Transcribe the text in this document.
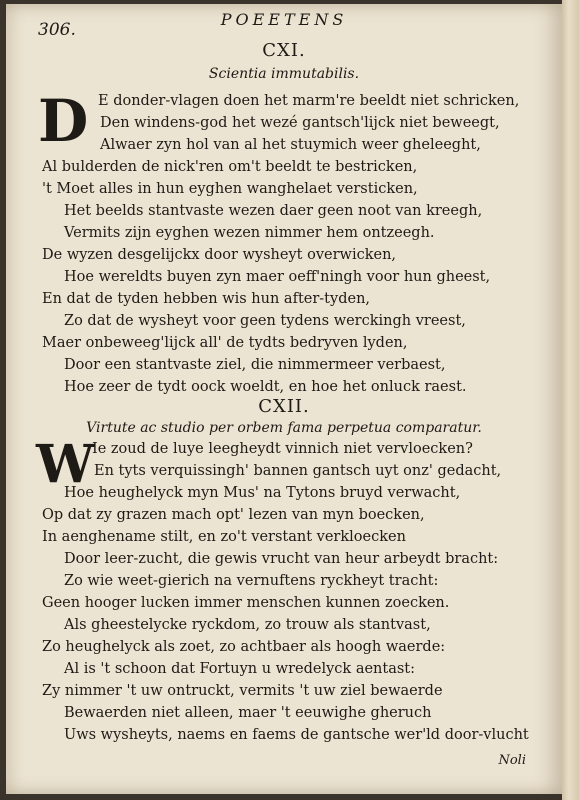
306.
POEETENS
CXI.
Scientia immutabilis.
D E donder-vlagen doen het marm're beeldt niet schricken,
Den windens-god het wezé gantsch'lijck niet beweegt,
Alwaer zyn hol van al het stuymich weer gheleeght,
Al bulderden de nick'ren om't beeldt te bestricken,
't Moet alles in hun eyghen wanghelaet versticken,
Het beelds stantvaste wezen daer geen noot van kreegh,
Vermits zijn eyghen wezen nimmer hem ontzeegh.
De wyzen desgelijckx door wysheyt overwicken,
Hoe wereldts buyen zyn maer oeff'ningh voor hun gheest,
En dat de tyden hebben wis hun after-tyden,
Zo dat de wysheyt voor geen tydens werckingh vreest,
Maer onbeweeg'lijck all' de tydts bedryven lyden,
Door een stantvaste ziel, die nimmermeer verbaest,
Hoe zeer de tydt oock woeldt, en hoe het onluck raest.
CXII.
Virtute ac studio per orbem fama perpetua comparatur.
W
Ie zoud de luye leegheydt vinnich niet vervloecken?
En tyts verquissingh' bannen gantsch uyt onz' gedacht,
Hoe heughelyck myn Mus' na Tytons bruyd verwacht,
Op dat zy grazen mach opt' lezen van myn boecken,
In aenghename stilt, en zo't verstant verkloecken
Door leer-zucht, die gewis vrucht van heur arbeydt bracht:
Zo wie weet-gierich na vernuftens ryckheyt tracht:
Geen hooger lucken immer menschen kunnen zoecken.
Als gheestelycke ryckdom, zo trouw als stantvast,
Zo heughelyck als zoet, zo achtbaer als hoogh waerde:
Al is 't schoon dat Fortuyn u wredelyck aentast:
Zy nimmer 't uw ontruckt, vermits 't uw ziel bewaerde
Bewaerden niet alleen, maer 't eeuwighe gheruch
Uws wysheyts, naems en faems de gantsche wer'ld door-vlucht
Noli
